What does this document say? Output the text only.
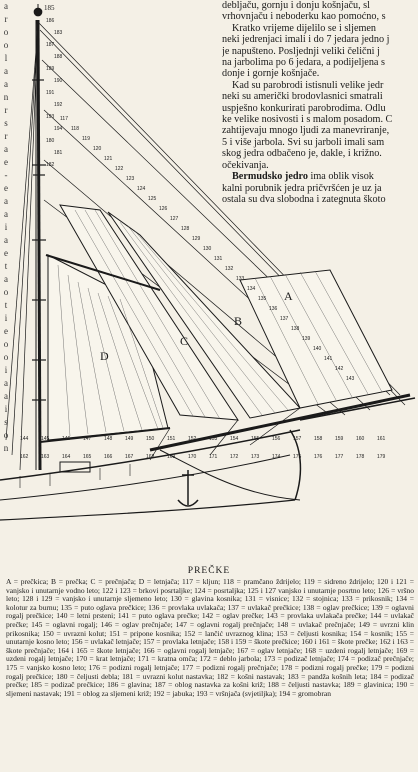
a
r
o
o
l
a
a
n
r
s
r
a
e
-
e
a
a
i
a
e
t
a
o
t
i
e
o
o
i
a
a
i
s
o
n

debljaču, gornju i donju košnjaču, sl

vrhovnjaču i neboderku kao pomoćno, s

Kratko vrijeme dijelilo se i sljemen

neki jedrenjaci imali i do 7 jedara jedno j

je napušteno. Posljednji veliki čelični j

na jarbolima po 6 jedara, a podijeljena s

donje i gornje košnjače.

Kad su parobrodi istisnuli velike jedr

neki su američki brodovlasnici smatrali

uspješno konkurirati parobrodima. Odlu

ke velike nosivosti i s malom posadom. C

zahtijevaju mnogo ljudi za manevriranje,

5 i više jarbola. Svi su jarboli imali sam

skog jedra odbačeno je, dakle, i križno.

očekivanja.

Bermudsko jedro ima oblik visok

kalni porubnik jedra pričvršćen je uz ja

ostala su dva slobodna i zategnuta škoto

D
C
B
A
185
186
183
187
188
189
190
191
192
193
194
180
181
182
117
118
119
120
121
122
123
124
125
126
127
128
129
130
131
132
133
134
135
136
137
138
139
140
141
142
143
144	145	146	147	148	149	150	151	152	153	154	155	156	157	158	159	160	161
162	163	164	165	166	167	168	169	170	171	172	173	174	175	176	177	178	179
PREČKE
A = prečkica; B = prečka; C = prečnjača; D = letnjača; 117 = kljun; 118 = pramčano ždrijelo; 119 = sidreno ždrijelo; 120 i 121 = vanjsko i unutarnje vodno leto; 122 i 123 = brkovi posrtaljke; 124 = posrtaljka; 125 i 127 vanjsko i unutarnje posrtno leto; 126 = vršno leto; 128 i 129 = vanjsko i unutarnje sljemeno leto; 130 = glavina kosnika; 131 = visnice; 132 = stojnica; 133 = prikosnik; 134 = kolotur za burnu; 135 = puto oglava prečkice; 136 = provlaka uvlakača; 137 = uvlakač prečkice; 138 = oglav prečkice; 139 = oglavni rogalj prečkice; 140 = letni prsteni; 141 = puto oglava prečke; 142 = oglav prečke; 143 = provlaka uvlakača prečke; 144 = uvlakač prečke; 145 = oglavni rogalj; 146 = oglav prečnjače; 147 = oglavni rogalj prečnjače; 148 = uvlakač prečnjače; 149 = uvrzni klin prikosnika; 150 = uvrazni kolut; 151 = pripone kosnika; 152 = lančić uvraznog klina; 153 = čeljusti kosnika; 154 = kosnik; 155 = unutarnje kosno leto; 156 = uvlakač letnjače; 157 = provlaka letnjače; 158 i 159 = škote prečkice; 160 i 161 = škote prečke; 162 i 163 = škote prečnjače; 164 i 165 = škote letnjače; 166 = oglavni rogalj letnjače; 167 = oglav letnjače; 168 = uzdeni rogalj letnjače; 169 = uzdeni rogalj letnjače; 170 = krat letnjače; 171 = kratna omča; 172 = deblo jarbola; 173 = podizač letnjače; 174 = podizač prečnjače; 175 = vanjsko kosno leto; 176 = podizni rogalj letnjače; 177 = podizni rogalj prečnjače; 178 = podizni rogalj prečke; 179 = podizni rogalj prečkice; 180 = čeljusti debla; 181 = uvrazni kolut nastavka; 182 = košni nastavak; 183 = pandža košnih leta; 184 = podizač prečke; 185 = podizač prečkice; 186 = glavina; 187 = oblog nastavka za košni križ; 188 = čeljusti nastavka; 189 = glavinica; 190 = sljemeni nastavak; 191 = oblog za sljemeni križ; 192 = jabuka; 193 = vršnjača (svjetiljka); 194 = gromobran
